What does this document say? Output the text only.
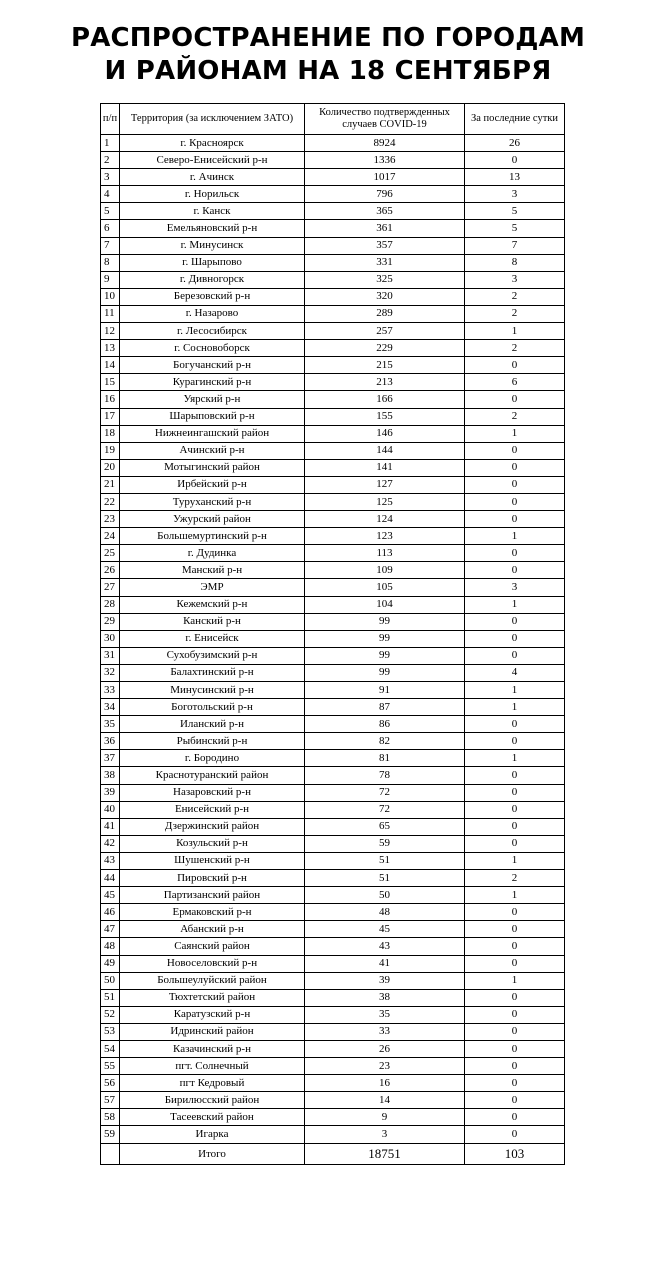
РАСПРОСТРАНЕНИЕ ПО ГОРОДАМ
И РАЙОНАМ НА 18 СЕНТЯБРЯ
п/п	Территория (за исключением ЗАТО)	Количество подтвержденных случаев COVID-19	За последние сутки
1	г. Красноярск	8924	26
2	Северо-Енисейский р-н	1336	0
3	г. Ачинск	1017	13
4	г. Норильск	796	3
5	г. Канск	365	5
6	Емельяновский р-н	361	5
7	г. Минусинск	357	7
8	г. Шарыпово	331	8
9	г. Дивногорск	325	3
10	Березовский р-н	320	2
11	г. Назарово	289	2
12	г. Лесосибирск	257	1
13	г. Сосновоборск	229	2
14	Богучанский р-н	215	0
15	Курагинский р-н	213	6
16	Уярский р-н	166	0
17	Шарыповский р-н	155	2
18	Нижнеингашский район	146	1
19	Ачинский р-н	144	0
20	Мотыгинский район	141	0
21	Ирбейский р-н	127	0
22	Туруханский р-н	125	0
23	Ужурский район	124	0
24	Большемуртинский р-н	123	1
25	г. Дудинка	113	0
26	Манский р-н	109	0
27	ЭМР	105	3
28	Кежемский р-н	104	1
29	Канский р-н	99	0
30	г. Енисейск	99	0
31	Сухобузимский р-н	99	0
32	Балахтинский р-н	99	4
33	Минусинский р-н	91	1
34	Боготольский р-н	87	1
35	Иланский р-н	86	0
36	Рыбинский р-н	82	0
37	г. Бородино	81	1
38	Краснотуранский район	78	0
39	Назаровский р-н	72	0
40	Енисейский р-н	72	0
41	Дзержинский район	65	0
42	Козульский р-н	59	0
43	Шушенский р-н	51	1
44	Пировский р-н	51	2
45	Партизанский район	50	1
46	Ермаковский р-н	48	0
47	Абанский р-н	45	0
48	Саянский район	43	0
49	Новоселовский р-н	41	0
50	Большеулуйский район	39	1
51	Тюхтетский район	38	0
52	Каратузский р-н	35	0
53	Идринский район	33	0
54	Казачинский р-н	26	0
55	пгт. Солнечный	23	0
56	пгт Кедровый	16	0
57	Бирилюсский район	14	0
58	Тасеевский район	9	0
59	Игарка	3	0
	Итого	18751	103
